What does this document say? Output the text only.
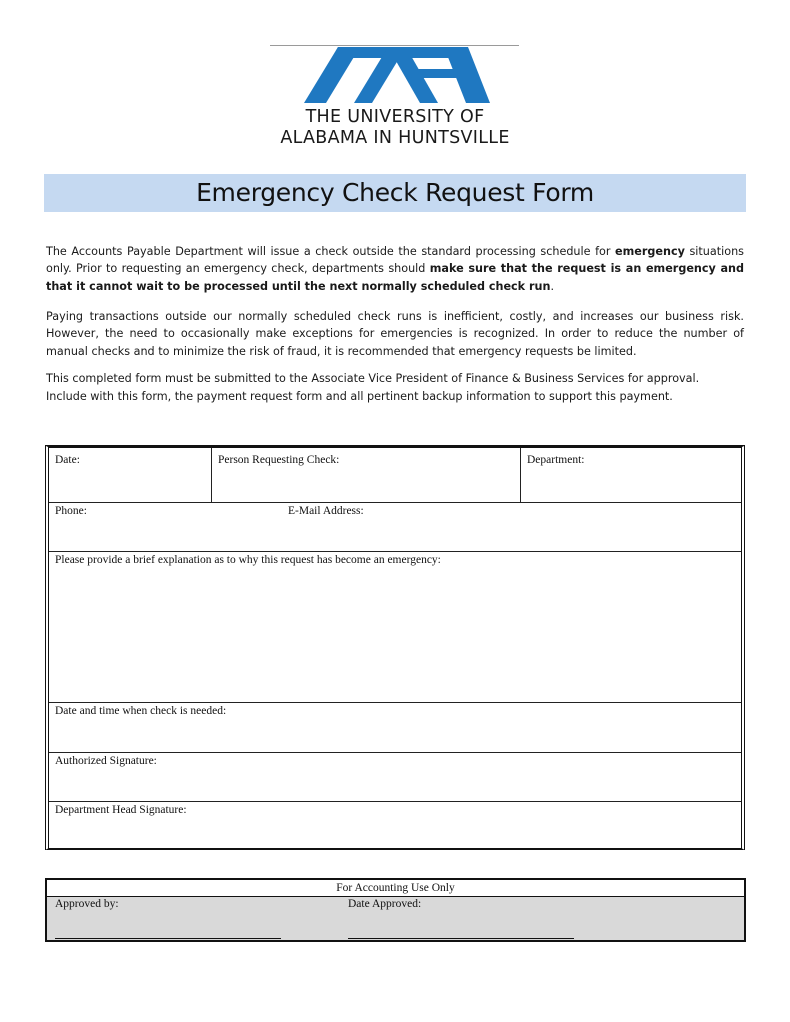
THE UNIVERSITY OF
ALABAMA IN HUNTSVILLE
Emergency Check Request Form
The Accounts Payable Department will issue a check outside the standard processing schedule for emergency situations only. Prior to requesting an emergency check, departments should make sure that the request is an emergency and that it cannot wait to be processed until the next normally scheduled check run.
Paying transactions outside our normally scheduled check runs is inefficient, costly, and increases our business risk. However, the need to occasionally make exceptions for emergencies is recognized. In order to reduce the number of manual checks and to minimize the risk of fraud, it is recommended that emergency requests be limited.
This completed form must be submitted to the Associate Vice President of Finance & Business Services for approval.
Include with this form, the payment request form and all pertinent backup information to support this payment.
Date:	Person Requesting Check:	Department:
Phone:	E-Mail Address:
Please provide a brief explanation as to why this request has become an emergency:
Date and time when check is needed:
Authorized Signature:
Department Head Signature:
For Accounting Use Only
Approved by:	Date Approved:
